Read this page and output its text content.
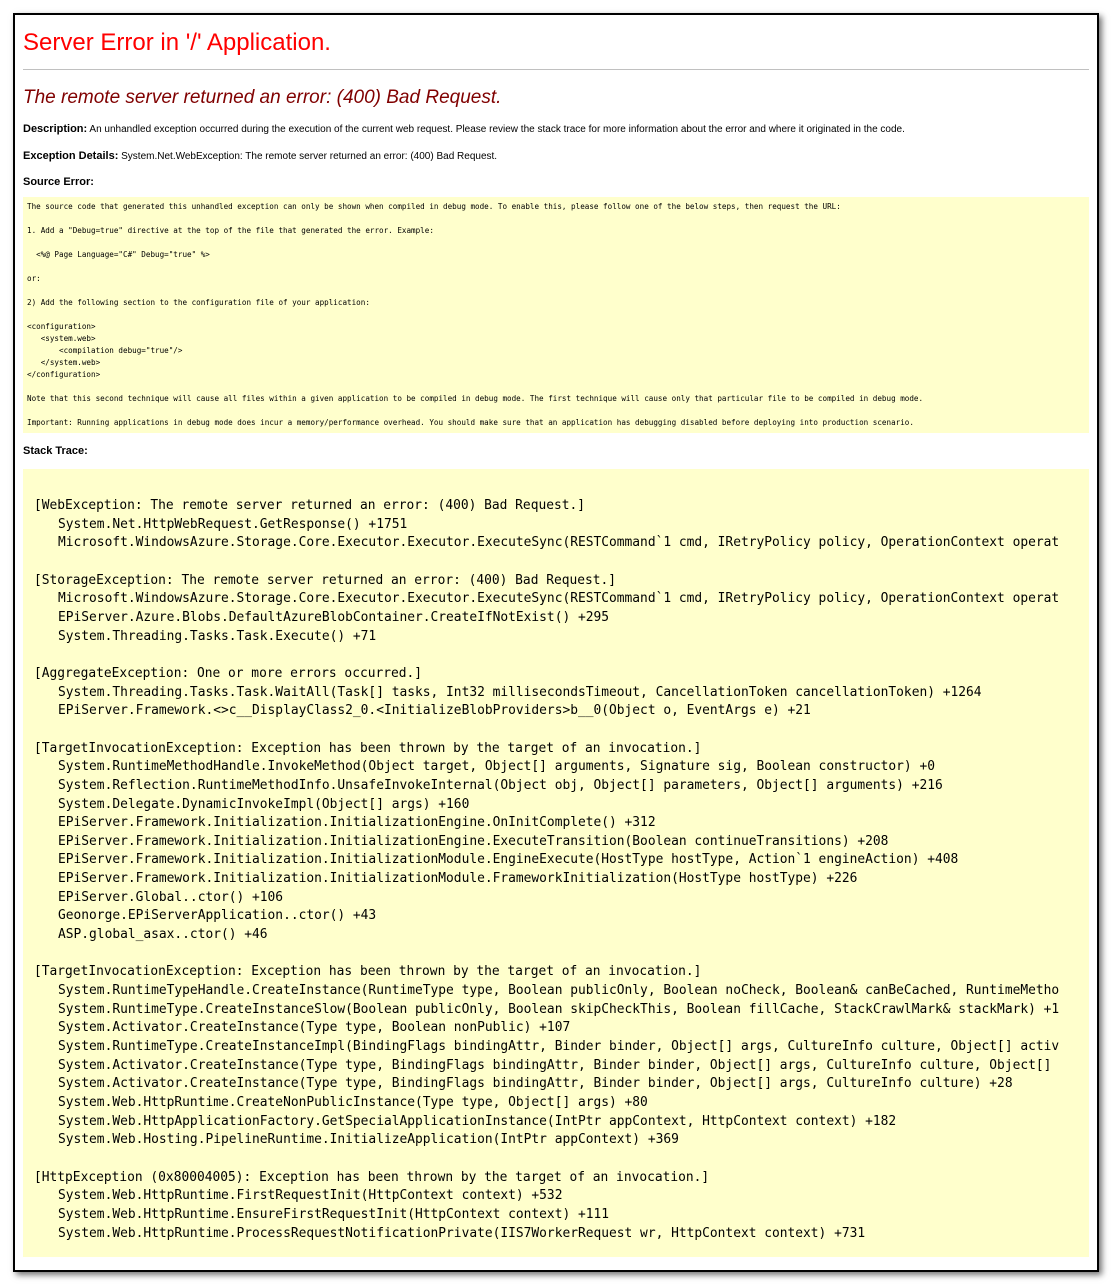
Server Error in '/' Application.
The remote server returned an error: (400) Bad Request.
Description: An unhandled exception occurred during the execution of the current web request. Please review the stack trace for more information about the error and where it originated in the code.
Exception Details: System.Net.WebException: The remote server returned an error: (400) Bad Request.
Source Error:
The source code that generated this unhandled exception can only be shown when compiled in debug mode. To enable this, please follow one of the below steps, then request the URL:

1. Add a "Debug=true" directive at the top of the file that generated the error. Example:

<%@ Page Language="C#" Debug="true" %>

or:

2) Add the following section to the configuration file of your application:

<configuration>
<system.web>
<compilation debug="true"/>
</system.web>
</configuration>

Note that this second technique will cause all files within a given application to be compiled in debug mode. The first technique will cause only that particular file to be compiled in debug mode.

Important: Running applications in debug mode does incur a memory/performance overhead. You should make sure that an application has debugging disabled before deploying into production scenario.
Stack Trace:
[WebException: The remote server returned an error: (400) Bad Request.]
System.Net.HttpWebRequest.GetResponse() +1751
Microsoft.WindowsAzure.Storage.Core.Executor.Executor.ExecuteSync(RESTCommand`1 cmd, IRetryPolicy policy, OperationContext operat

[StorageException: The remote server returned an error: (400) Bad Request.]
Microsoft.WindowsAzure.Storage.Core.Executor.Executor.ExecuteSync(RESTCommand`1 cmd, IRetryPolicy policy, OperationContext operat
EPiServer.Azure.Blobs.DefaultAzureBlobContainer.CreateIfNotExist() +295
System.Threading.Tasks.Task.Execute() +71

[AggregateException: One or more errors occurred.]
System.Threading.Tasks.Task.WaitAll(Task[] tasks, Int32 millisecondsTimeout, CancellationToken cancellationToken) +1264
EPiServer.Framework.<>c__DisplayClass2_0.<InitializeBlobProviders>b__0(Object o, EventArgs e) +21

[TargetInvocationException: Exception has been thrown by the target of an invocation.]
System.RuntimeMethodHandle.InvokeMethod(Object target, Object[] arguments, Signature sig, Boolean constructor) +0
System.Reflection.RuntimeMethodInfo.UnsafeInvokeInternal(Object obj, Object[] parameters, Object[] arguments) +216
System.Delegate.DynamicInvokeImpl(Object[] args) +160
EPiServer.Framework.Initialization.InitializationEngine.OnInitComplete() +312
EPiServer.Framework.Initialization.InitializationEngine.ExecuteTransition(Boolean continueTransitions) +208
EPiServer.Framework.Initialization.InitializationModule.EngineExecute(HostType hostType, Action`1 engineAction) +408
EPiServer.Framework.Initialization.InitializationModule.FrameworkInitialization(HostType hostType) +226
EPiServer.Global..ctor() +106
Geonorge.EPiServerApplication..ctor() +43
ASP.global_asax..ctor() +46

[TargetInvocationException: Exception has been thrown by the target of an invocation.]
System.RuntimeTypeHandle.CreateInstance(RuntimeType type, Boolean publicOnly, Boolean noCheck, Boolean& canBeCached, RuntimeMetho
System.RuntimeType.CreateInstanceSlow(Boolean publicOnly, Boolean skipCheckThis, Boolean fillCache, StackCrawlMark& stackMark) +1
System.Activator.CreateInstance(Type type, Boolean nonPublic) +107
System.RuntimeType.CreateInstanceImpl(BindingFlags bindingAttr, Binder binder, Object[] args, CultureInfo culture, Object[] activ
System.Activator.CreateInstance(Type type, BindingFlags bindingAttr, Binder binder, Object[] args, CultureInfo culture, Object[]
System.Activator.CreateInstance(Type type, BindingFlags bindingAttr, Binder binder, Object[] args, CultureInfo culture) +28
System.Web.HttpRuntime.CreateNonPublicInstance(Type type, Object[] args) +80
System.Web.HttpApplicationFactory.GetSpecialApplicationInstance(IntPtr appContext, HttpContext context) +182
System.Web.Hosting.PipelineRuntime.InitializeApplication(IntPtr appContext) +369

[HttpException (0x80004005): Exception has been thrown by the target of an invocation.]
System.Web.HttpRuntime.FirstRequestInit(HttpContext context) +532
System.Web.HttpRuntime.EnsureFirstRequestInit(HttpContext context) +111
System.Web.HttpRuntime.ProcessRequestNotificationPrivate(IIS7WorkerRequest wr, HttpContext context) +731
